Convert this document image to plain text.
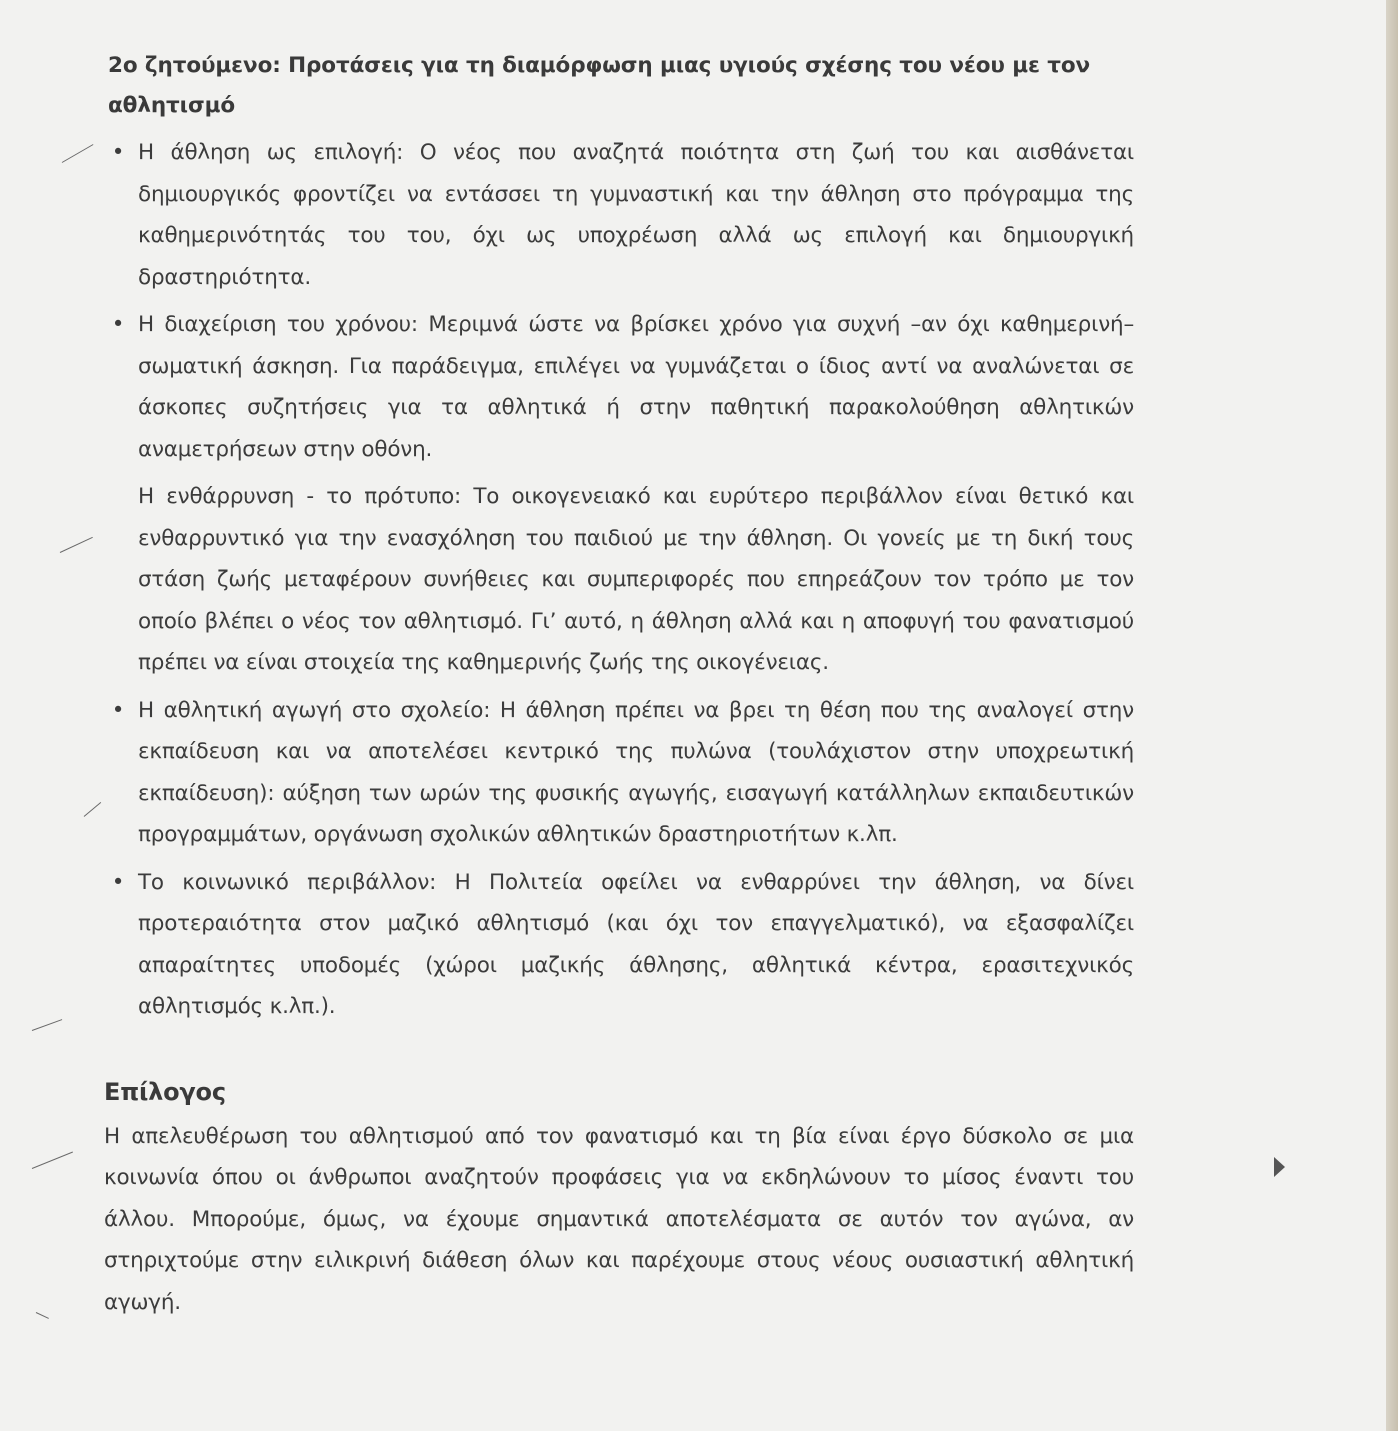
2ο ζητούμενο: Προτάσεις για τη διαμόρφωση μιας υγιούς σχέσης του νέου με τον αθλητισμό
• Η άθληση ως επιλογή: Ο νέος που αναζητά ποιότητα στη ζωή του και αισθάνεται δημιουργικός φροντίζει να εντάσσει τη γυμναστική και την άθληση στο πρόγραμμα της καθημερινότητάς του του, όχι ως υποχρέωση αλλά ως επιλογή και δημιουργική δραστηριότητα.
• Η διαχείριση του χρόνου: Μεριμνά ώστε να βρίσκει χρόνο για συχνή –αν όχι καθημερινή– σωματική άσκηση. Για παράδειγμα, επιλέγει να γυμνάζεται ο ίδιος αντί να αναλώνεται σε άσκοπες συζητήσεις για τα αθλητικά ή στην παθητική παρακολούθηση αθλητικών αναμετρήσεων στην οθόνη.
Η ενθάρρυνση - το πρότυπο: Το οικογενειακό και ευρύτερο περιβάλλον είναι θετικό και ενθαρρυντικό για την ενασχόληση του παιδιού με την άθληση. Οι γονείς με τη δική τους στάση ζωής μεταφέρουν συνήθειες και συμπεριφορές που επηρεάζουν τον τρόπο με τον οποίο βλέπει ο νέος τον αθλητισμό. Γι’ αυτό, η άθληση αλλά και η αποφυγή του φανατισμού πρέπει να είναι στοιχεία της καθημερινής ζωής της οικογένειας.
• Η αθλητική αγωγή στο σχολείο: Η άθληση πρέπει να βρει τη θέση που της αναλογεί στην εκπαίδευση και να αποτελέσει κεντρικό της πυλώνα (τουλάχιστον στην υποχρεωτική εκπαίδευση): αύξηση των ωρών της φυσικής αγωγής, εισαγωγή κατάλληλων εκπαιδευτικών προγραμμάτων, οργάνωση σχολικών αθλητικών δραστηριοτήτων κ.λπ.
• Το κοινωνικό περιβάλλον: Η Πολιτεία οφείλει να ενθαρρύνει την άθληση, να δίνει προτεραιότητα στον μαζικό αθλητισμό (και όχι τον επαγγελματικό), να εξασφαλίζει απαραίτητες υποδομές (χώροι μαζικής άθλησης, αθλητικά κέντρα, ερασιτεχνικός αθλητισμός κ.λπ.).
Επίλογος
Η απελευθέρωση του αθλητισμού από τον φανατισμό και τη βία είναι έργο δύσκολο σε μια κοινωνία όπου οι άνθρωποι αναζητούν προφάσεις για να εκδηλώνουν το μίσος έναντι του άλλου. Μπορούμε, όμως, να έχουμε σημαντικά αποτελέσματα σε αυτόν τον αγώνα, αν στηριχτούμε στην ειλικρινή διάθεση όλων και παρέχουμε στους νέους ουσιαστική αθλητική αγωγή.
